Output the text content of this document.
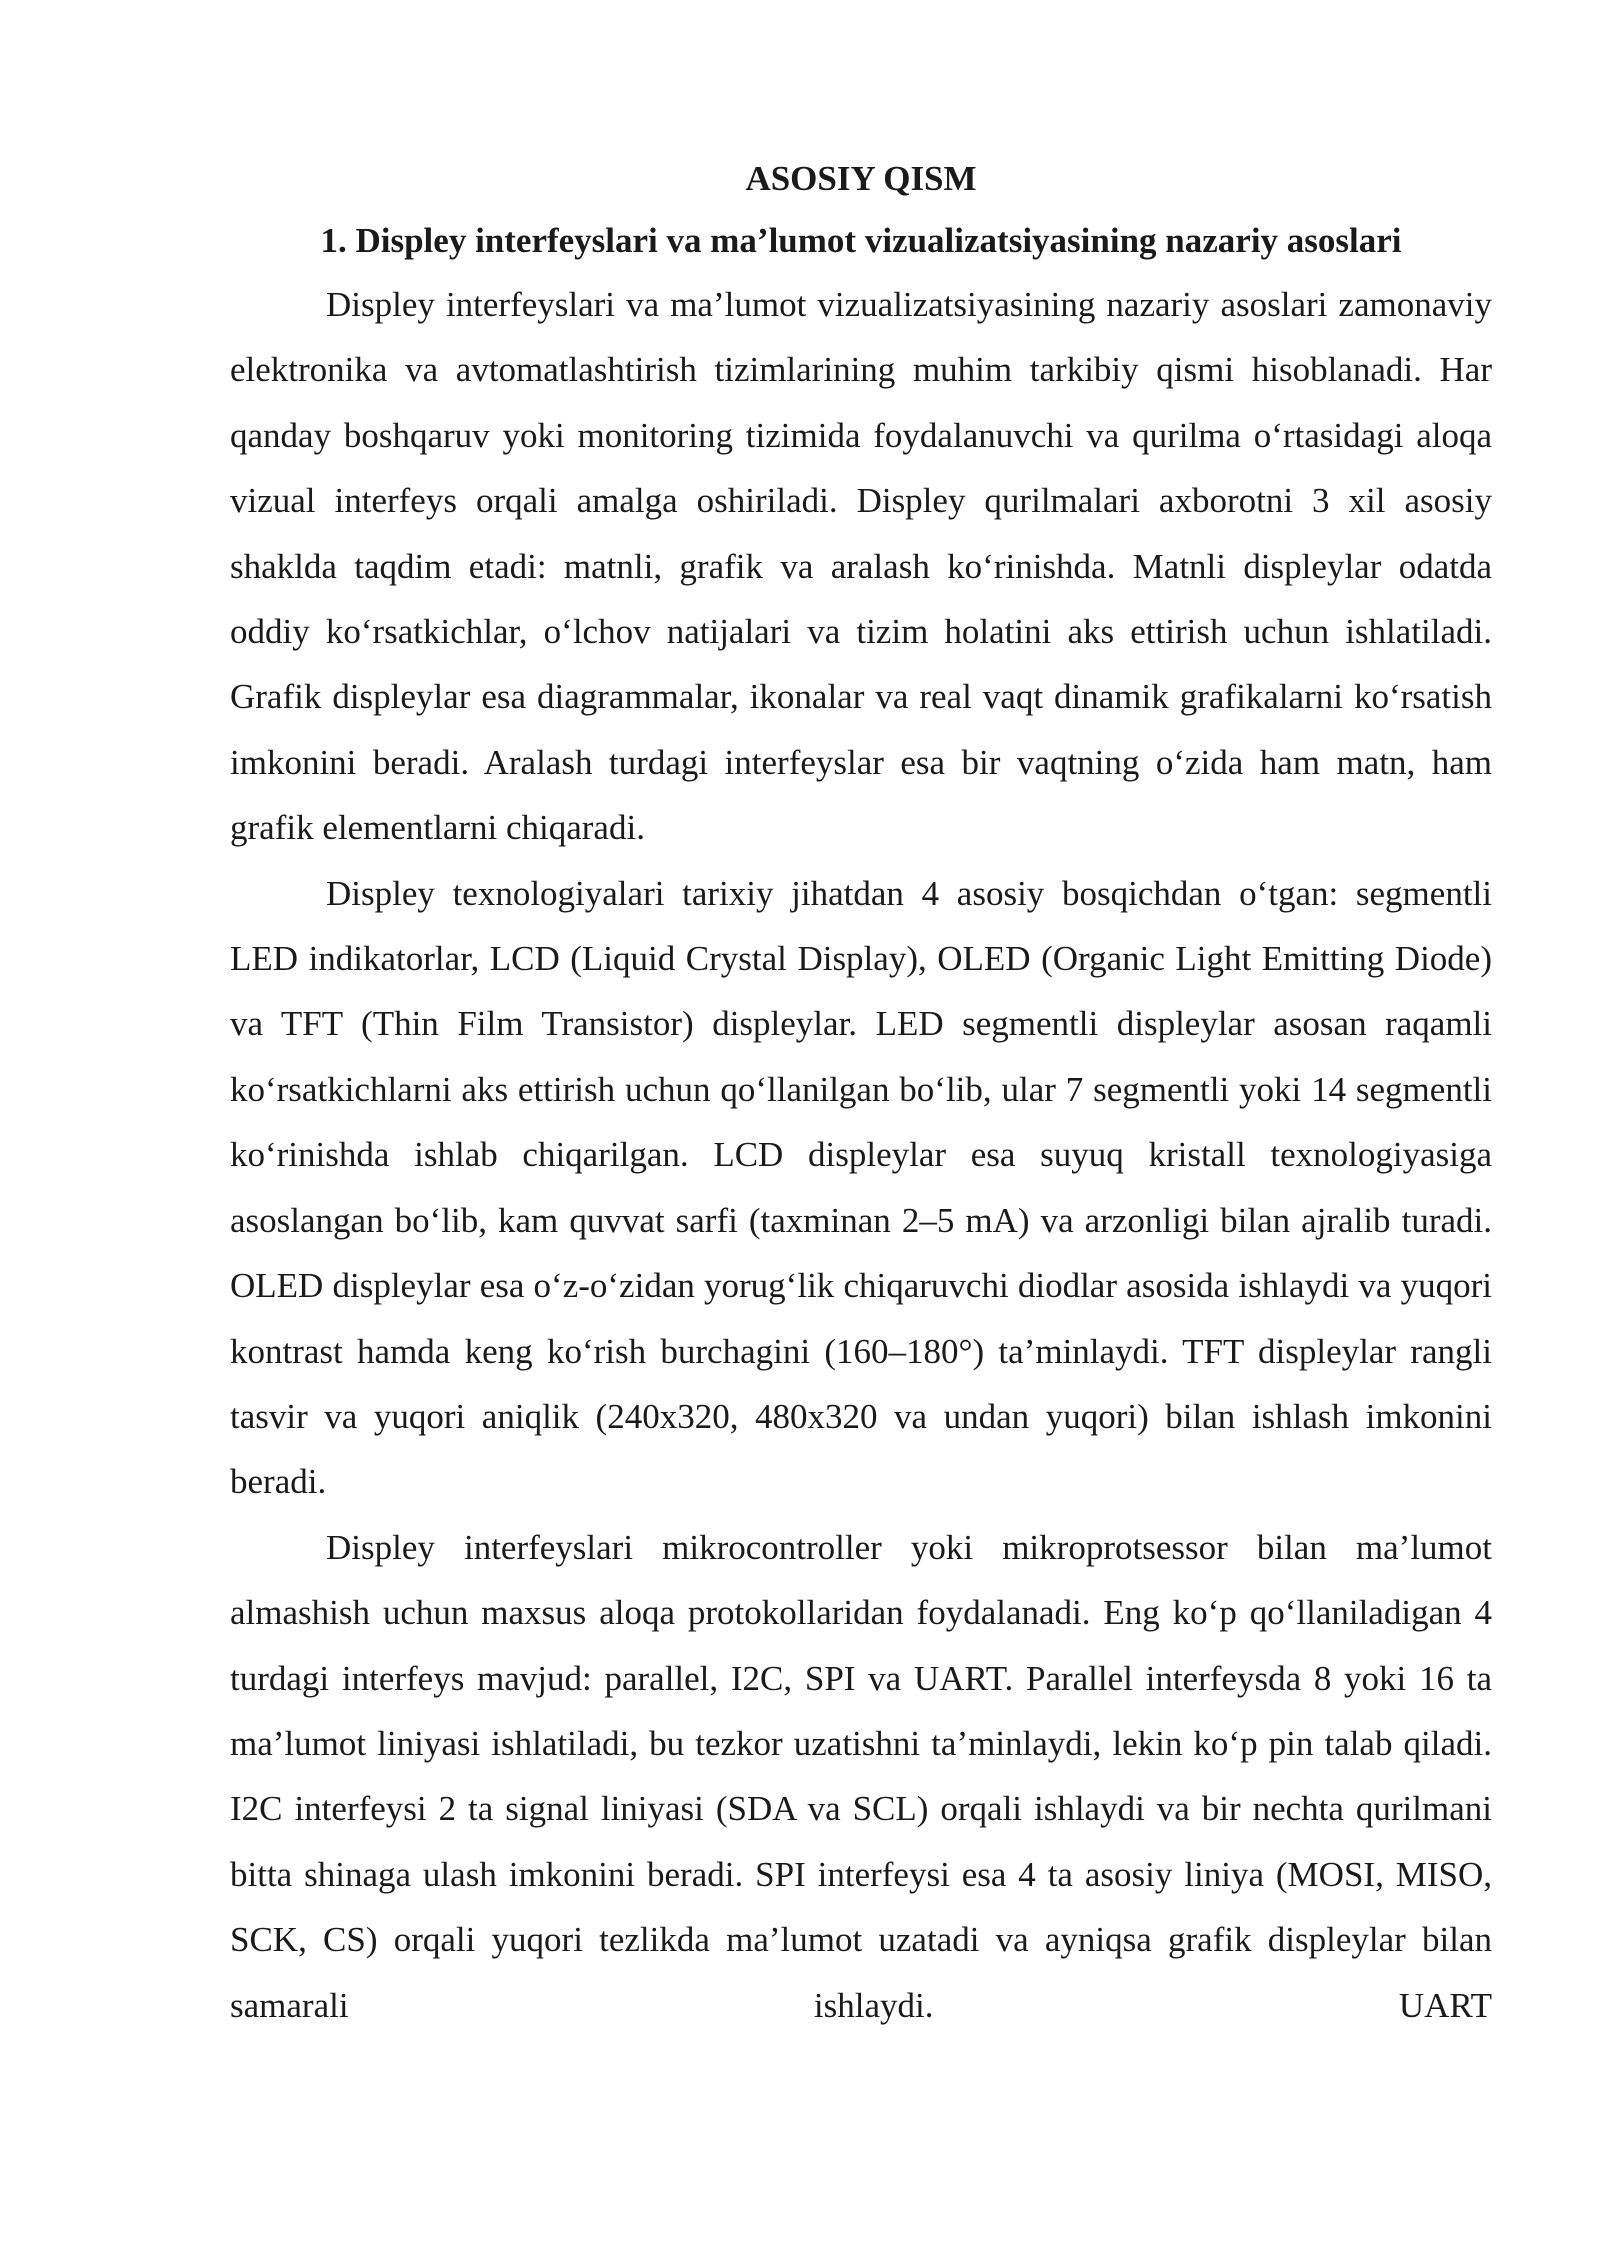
ASOSIY QISM
1. Displey interfeyslari va ma’lumot vizualizatsiyasining nazariy asoslari

Displey interfeyslari va ma’lumot vizualizatsiyasining nazariy asoslari zamonaviy elektronika va avtomatlashtirish tizimlarining muhim tarkibiy qismi hisoblanadi. Har qanday boshqaruv yoki monitoring tizimida foydalanuvchi va qurilma o‘rtasidagi aloqa vizual interfeys orqali amalga oshiriladi. Displey qurilmalari axborotni 3 xil asosiy shaklda taqdim etadi: matnli, grafik va aralash ko‘rinishda. Matnli displeylar odatda oddiy ko‘rsatkichlar, o‘lchov natijalari va tizim holatini aks ettirish uchun ishlatiladi. Grafik displeylar esa diagrammalar, ikonalar va real vaqt dinamik grafikalarni ko‘rsatish imkonini beradi. Aralash turdagi interfeyslar esa bir vaqtning o‘zida ham matn, ham grafik elementlarni chiqaradi.

Displey texnologiyalari tarixiy jihatdan 4 asosiy bosqichdan o‘tgan: segmentli LED indikatorlar, LCD (Liquid Crystal Display), OLED (Organic Light Emitting Diode) va TFT (Thin Film Transistor) displeylar. LED segmentli displeylar asosan raqamli ko‘rsatkichlarni aks ettirish uchun qo‘llanilgan bo‘lib, ular 7 segmentli yoki 14 segmentli ko‘rinishda ishlab chiqarilgan. LCD displeylar esa suyuq kristall texnologiyasiga asoslangan bo‘lib, kam quvvat sarfi (taxminan 2–5 mA) va arzonligi bilan ajralib turadi. OLED displeylar esa o‘z-o‘zidan yorug‘lik chiqaruvchi diodlar asosida ishlaydi va yuqori kontrast hamda keng ko‘rish burchagini (160–180°) ta’minlaydi. TFT displeylar rangli tasvir va yuqori aniqlik (240x320, 480x320 va undan yuqori) bilan ishlash imkonini beradi.

Displey interfeyslari mikrocontroller yoki mikroprotsessor bilan ma’lumot almashish uchun maxsus aloqa protokollaridan foydalanadi. Eng ko‘p qo‘llaniladigan 4 turdagi interfeys mavjud: parallel, I2C, SPI va UART. Parallel interfeysda 8 yoki 16 ta ma’lumot liniyasi ishlatiladi, bu tezkor uzatishni ta’minlaydi, lekin ko‘p pin talab qiladi. I2C interfeysi 2 ta signal liniyasi (SDA va SCL) orqali ishlaydi va bir nechta qurilmani bitta shinaga ulash imkonini beradi. SPI interfeysi esa 4 ta asosiy liniya (MOSI, MISO, SCK, CS) orqali yuqori tezlikda ma’lumot uzatadi va ayniqsa grafik displeylar bilan samarali ishlaydi. UART
